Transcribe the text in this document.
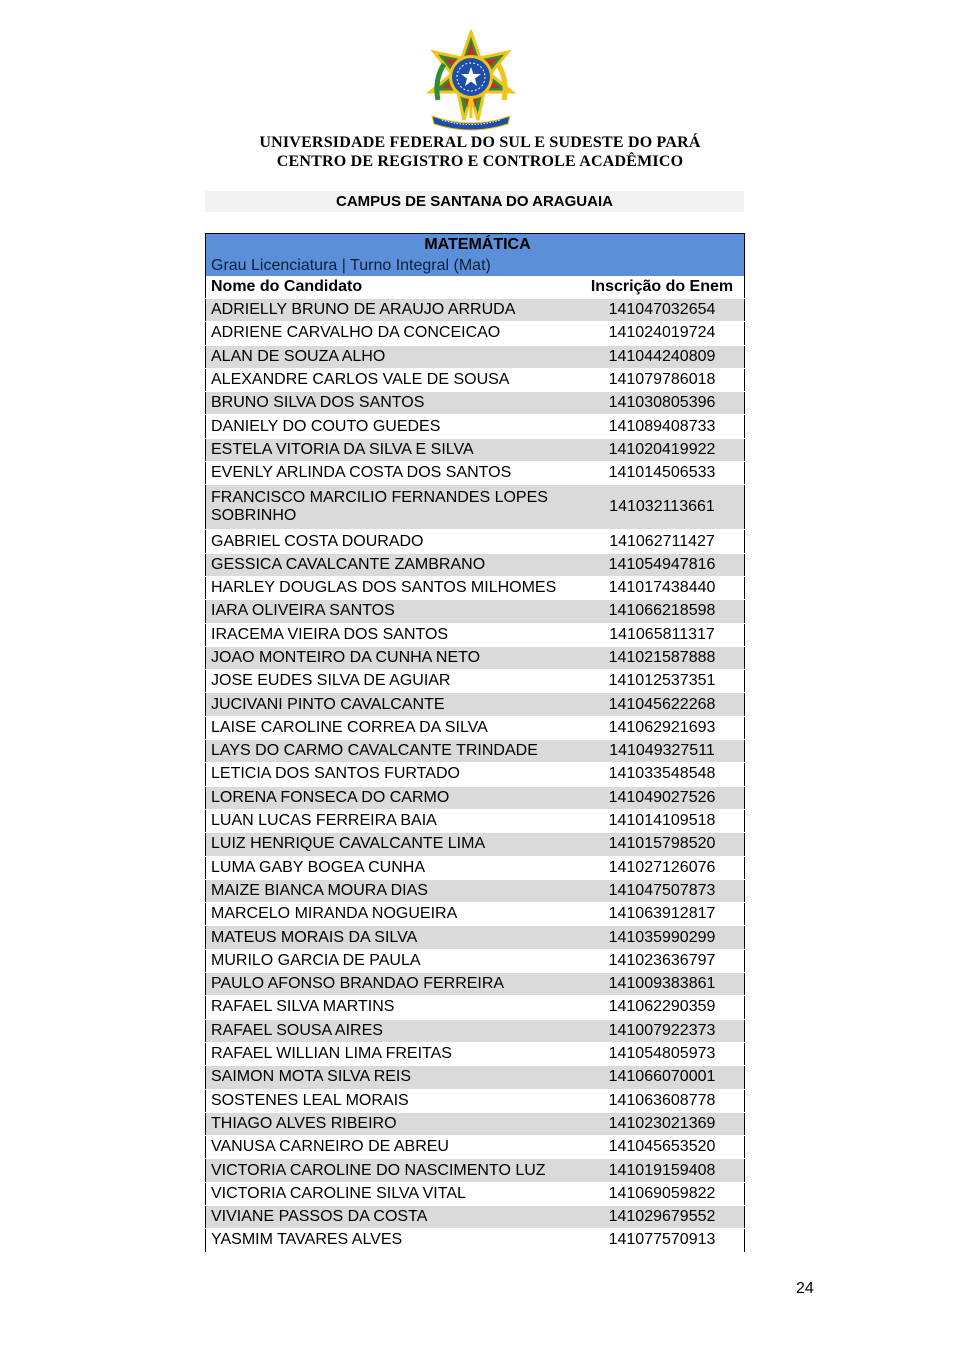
UNIVERSIDADE FEDERAL DO SUL E SUDESTE DO PARÁ
CENTRO DE REGISTRO E CONTROLE ACADÊMICO
CAMPUS DE SANTANA DO ARAGUAIA
MATEMÁTICA	
Grau Licenciatura | Turno Integral (Mat)	
Nome do Candidato	Inscrição do Enem
ADRIELLY BRUNO DE ARAUJO ARRUDA	141047032654
ADRIENE CARVALHO DA CONCEICAO	141024019724
ALAN DE SOUZA ALHO	141044240809
ALEXANDRE CARLOS VALE DE SOUSA	141079786018
BRUNO SILVA DOS SANTOS	141030805396
DANIELY DO COUTO GUEDES	141089408733
ESTELA VITORIA DA SILVA E SILVA	141020419922
EVENLY ARLINDA COSTA DOS SANTOS	141014506533
FRANCISCO MARCILIO FERNANDES LOPES SOBRINHO	141032113661
GABRIEL COSTA DOURADO	141062711427
GESSICA CAVALCANTE ZAMBRANO	141054947816
HARLEY DOUGLAS DOS SANTOS MILHOMES	141017438440
IARA OLIVEIRA SANTOS	141066218598
IRACEMA VIEIRA DOS SANTOS	141065811317
JOAO MONTEIRO DA CUNHA NETO	141021587888
JOSE EUDES SILVA DE AGUIAR	141012537351
JUCIVANI PINTO CAVALCANTE	141045622268
LAISE CAROLINE CORREA DA SILVA	141062921693
LAYS DO CARMO CAVALCANTE TRINDADE	141049327511
LETICIA DOS SANTOS FURTADO	141033548548
LORENA FONSECA DO CARMO	141049027526
LUAN LUCAS FERREIRA BAIA	141014109518
LUIZ HENRIQUE CAVALCANTE LIMA	141015798520
LUMA GABY BOGEA CUNHA	141027126076
MAIZE BIANCA MOURA DIAS	141047507873
MARCELO MIRANDA NOGUEIRA	141063912817
MATEUS MORAIS DA SILVA	141035990299
MURILO GARCIA DE PAULA	141023636797
PAULO AFONSO BRANDAO FERREIRA	141009383861
RAFAEL SILVA MARTINS	141062290359
RAFAEL SOUSA AIRES	141007922373
RAFAEL WILLIAN LIMA FREITAS	141054805973
SAIMON MOTA SILVA REIS	141066070001
SOSTENES LEAL MORAIS	141063608778
THIAGO ALVES RIBEIRO	141023021369
VANUSA CARNEIRO DE ABREU	141045653520
VICTORIA CAROLINE DO NASCIMENTO LUZ	141019159408
VICTORIA CAROLINE SILVA VITAL	141069059822
VIVIANE PASSOS DA COSTA	141029679552
YASMIM TAVARES ALVES	141077570913
24
